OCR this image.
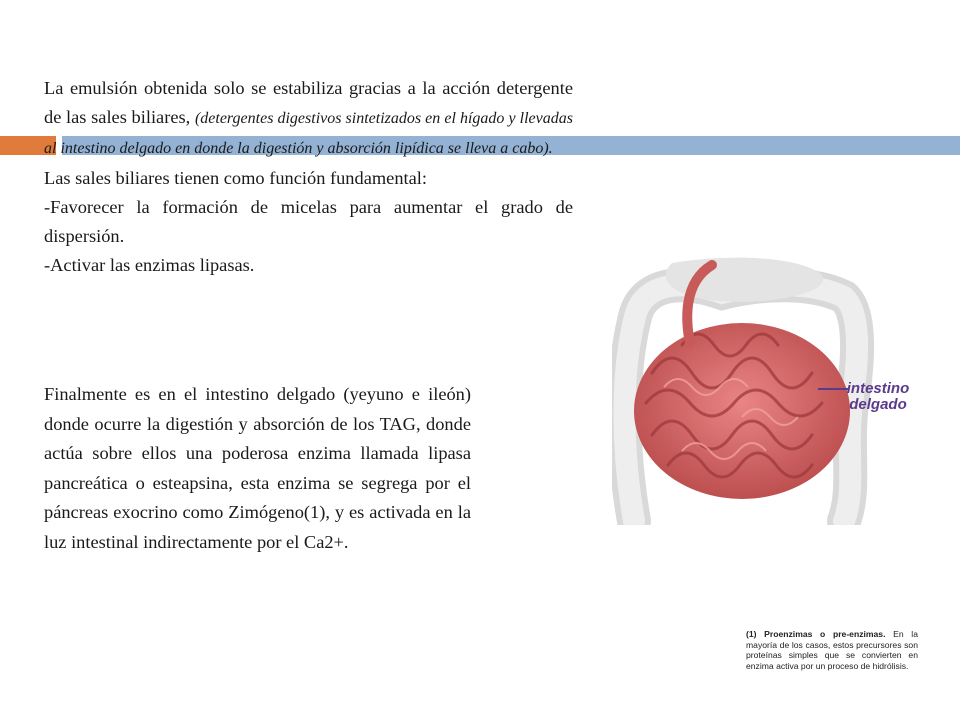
La emulsión obtenida solo se estabiliza gracias a la acción detergente de las sales biliares, (detergentes digestivos sintetizados en el hígado y llevadas al intestino delgado en donde la digestión y absorción lipídica se lleva a cabo).
Las sales biliares tienen como función fundamental:
-Favorecer la formación de micelas para aumentar el grado de dispersión.
-Activar las enzimas lipasas.

Finalmente es en el intestino delgado (yeyuno e ileón) donde ocurre la digestión y absorción de los TAG, donde actúa sobre ellos una poderosa enzima llamada lipasa pancreática o esteapsina, esta enzima se segrega por el páncreas exocrino como Zimógeno(1), y es activada en la luz intestinal indirectamente por el Ca2+.

intestino
delgado

(1) Proenzimas o pre-enzimas. En la mayoría de los casos, estos precursores son proteínas simples que se convierten en enzima activa por un proceso de hidrólisis.
